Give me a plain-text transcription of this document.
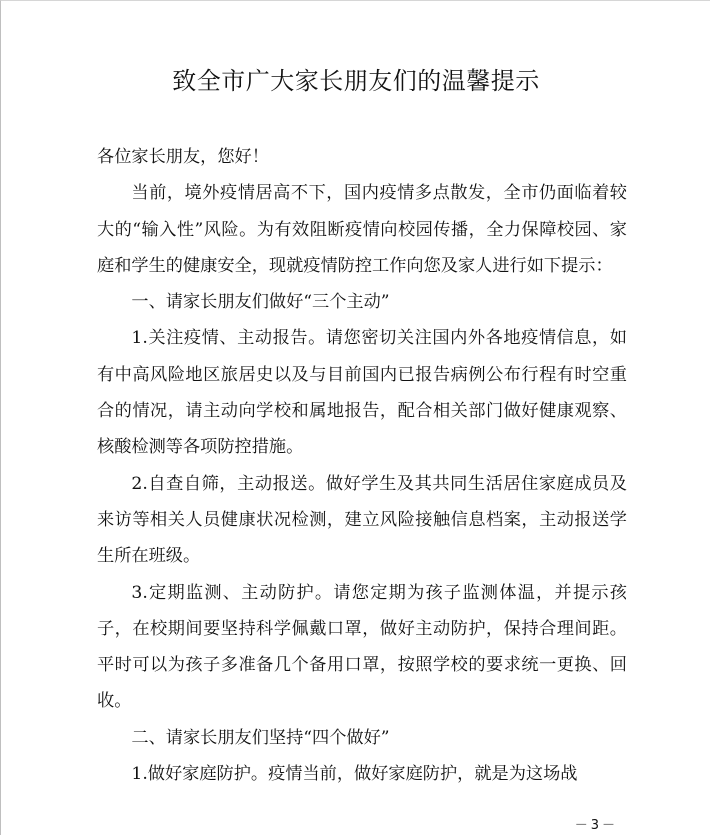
致全市广大家长朋友们的温馨提示

各位家长朋友，您好！

当前，境外疫情居高不下，国内疫情多点散发，全市仍面临着较大的“输入性”风险。为有效阻断疫情向校园传播，全力保障校园、家庭和学生的健康安全，现就疫情防控工作向您及家人进行如下提示：

一、请家长朋友们做好“三个主动”

1.关注疫情、主动报告。请您密切关注国内外各地疫情信息，如有中高风险地区旅居史以及与目前国内已报告病例公布行程有时空重合的情况，请主动向学校和属地报告，配合相关部门做好健康观察、核酸检测等各项防控措施。

2.自查自筛，主动报送。做好学生及其共同生活居住家庭成员及来访等相关人员健康状况检测，建立风险接触信息档案，主动报送学生所在班级。

3.定期监测、主动防护。请您定期为孩子监测体温，并提示孩子，在校期间要坚持科学佩戴口罩，做好主动防护，保持合理间距。平时可以为孩子多准备几个备用口罩，按照学校的要求统一更换、回收。

二、请家长朋友们坚持“四个做好”

1.做好家庭防护。疫情当前，做好家庭防护，就是为这场战

－3－
